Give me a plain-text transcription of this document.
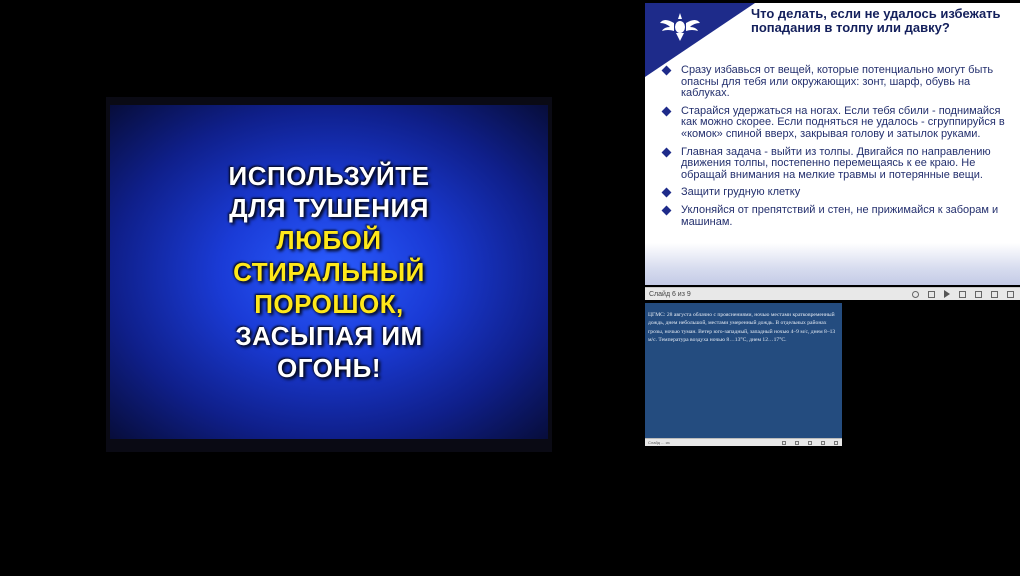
ИСПОЛЬЗУЙТЕ
ДЛЯ ТУШЕНИЯ
ЛЮБОЙ
СТИРАЛЬНЫЙ
ПОРОШОК,
ЗАСЫПАЯ ИМ
ОГОНЬ!
Что делать, если не удалось избежать попадания в толпу или давку?
Сразу избавься от вещей, которые потенциально могут быть опасны для тебя или окружающих: зонт, шарф, обувь на каблуках.
Старайся удержаться на ногах. Если тебя сбили - поднимайся как можно скорее. Если подняться не удалось - сгруппируйся в «комок» спиной вверх, закрывая голову и затылок руками.
Главная задача - выйти из толпы. Двигайся по направлению движения толпы, постепенно перемещаясь к ее краю. Не обращай внимания на мелкие травмы и потерянные вещи.
Защити грудную клетку
Уклоняйся от препятствий и стен, не прижимайся к заборам и машинам.
Слайд 6 из 9
ЦГМС: 28 августа облачно с прояснениями, ночью местами кратковременный дождь, днем небольшой, местами умеренный дождь. В отдельных районах грозы, ночью туман. Ветер юго-западный, западный ночью 4–9 м/с, днем 8–13 м/с. Температура воздуха ночью 8…13°С, днем 12…17°С.
Слайд ... из
